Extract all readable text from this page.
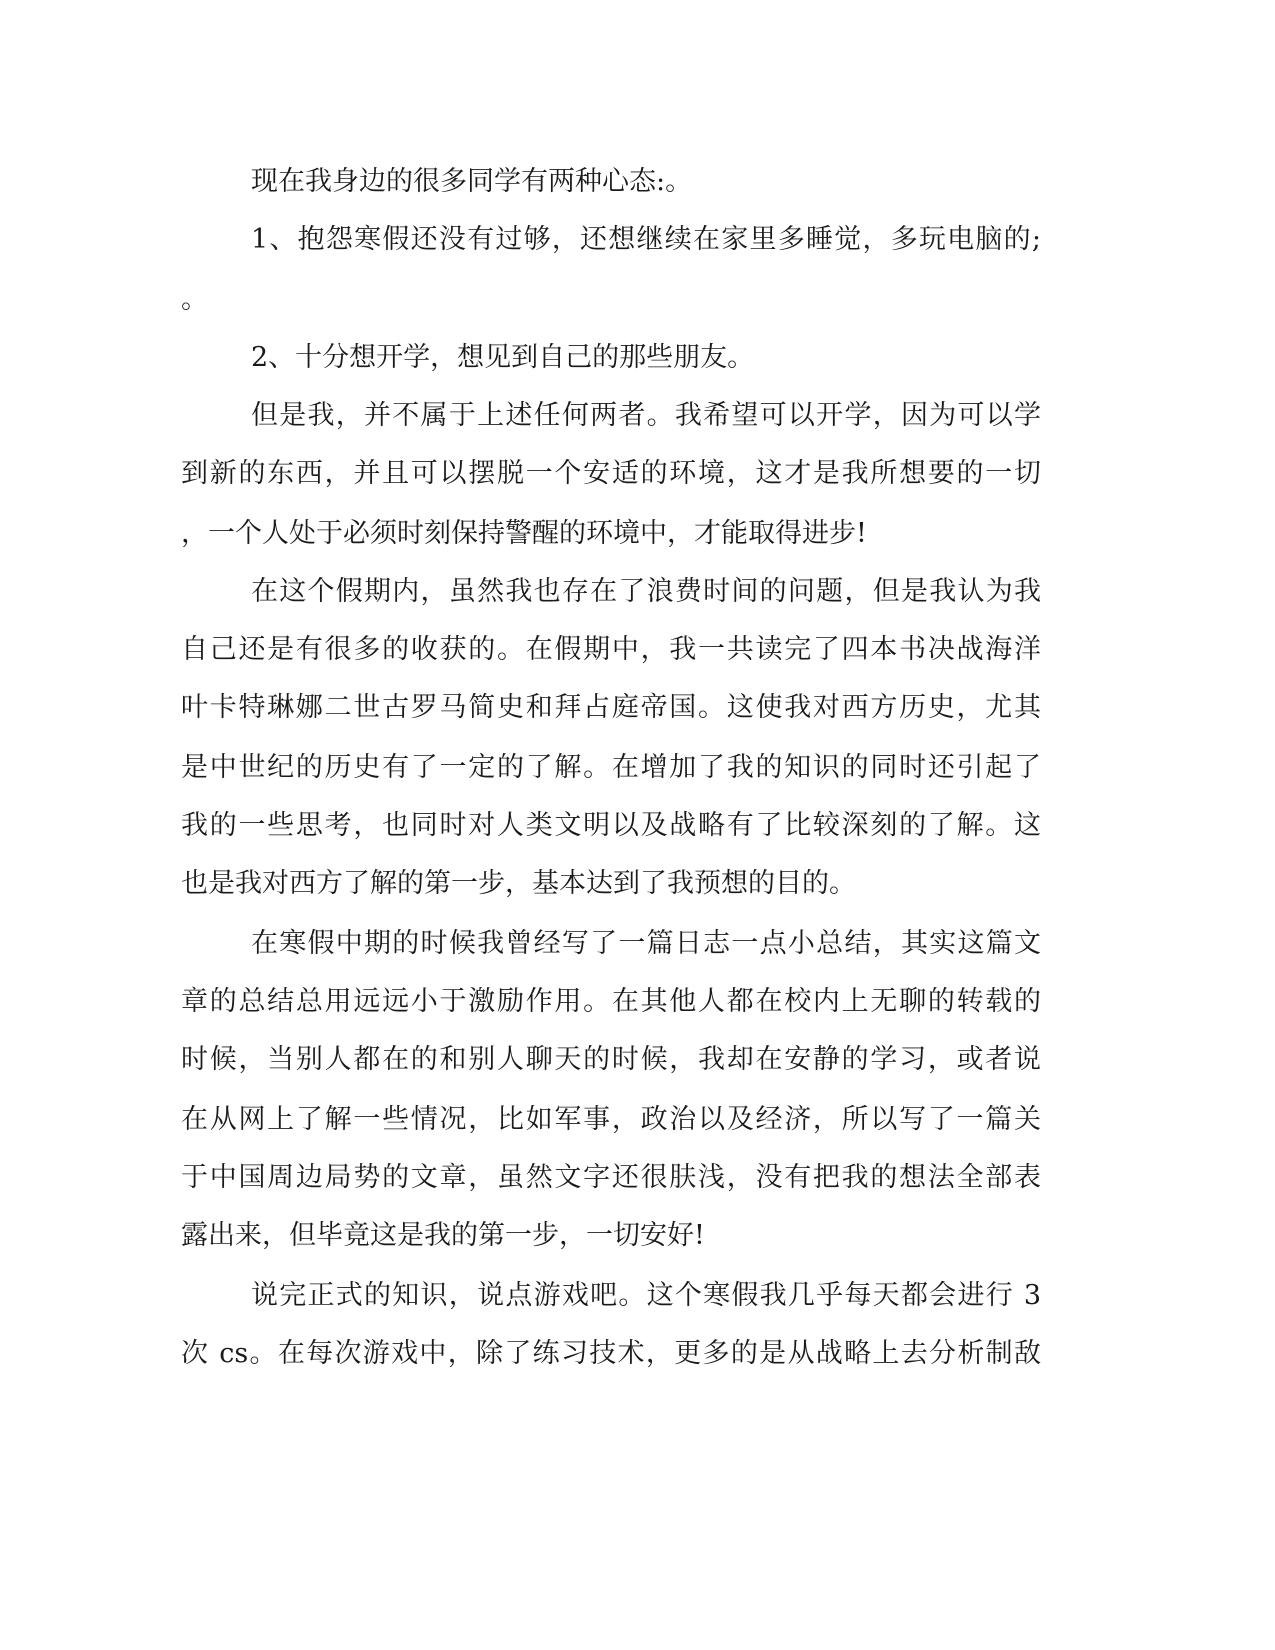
现在我身边的很多同学有两种心态:。
1、抱怨寒假还没有过够，还想继续在家里多睡觉，多玩电脑的;
。
2、十分想开学，想见到自己的那些朋友。
但是我，并不属于上述任何两者。我希望可以开学，因为可以学
到新的东西，并且可以摆脱一个安适的环境，这才是我所想要的一切
，一个人处于必须时刻保持警醒的环境中，才能取得进步!
在这个假期内，虽然我也存在了浪费时间的问题，但是我认为我
自己还是有很多的收获的。在假期中，我一共读完了四本书决战海洋
叶卡特琳娜二世古罗马简史和拜占庭帝国。这使我对西方历史，尤其
是中世纪的历史有了一定的了解。在增加了我的知识的同时还引起了
我的一些思考，也同时对人类文明以及战略有了比较深刻的了解。这
也是我对西方了解的第一步，基本达到了我预想的目的。
在寒假中期的时候我曾经写了一篇日志一点小总结，其实这篇文
章的总结总用远远小于激励作用。在其他人都在校内上无聊的转载的
时候，当别人都在的和别人聊天的时候，我却在安静的学习，或者说
在从网上了解一些情况，比如军事，政治以及经济，所以写了一篇关
于中国周边局势的文章，虽然文字还很肤浅，没有把我的想法全部表
露出来，但毕竟这是我的第一步，一切安好!
说完正式的知识，说点游戏吧。这个寒假我几乎每天都会进行 3
次 cs。在每次游戏中，除了练习技术，更多的是从战略上去分析制敌
